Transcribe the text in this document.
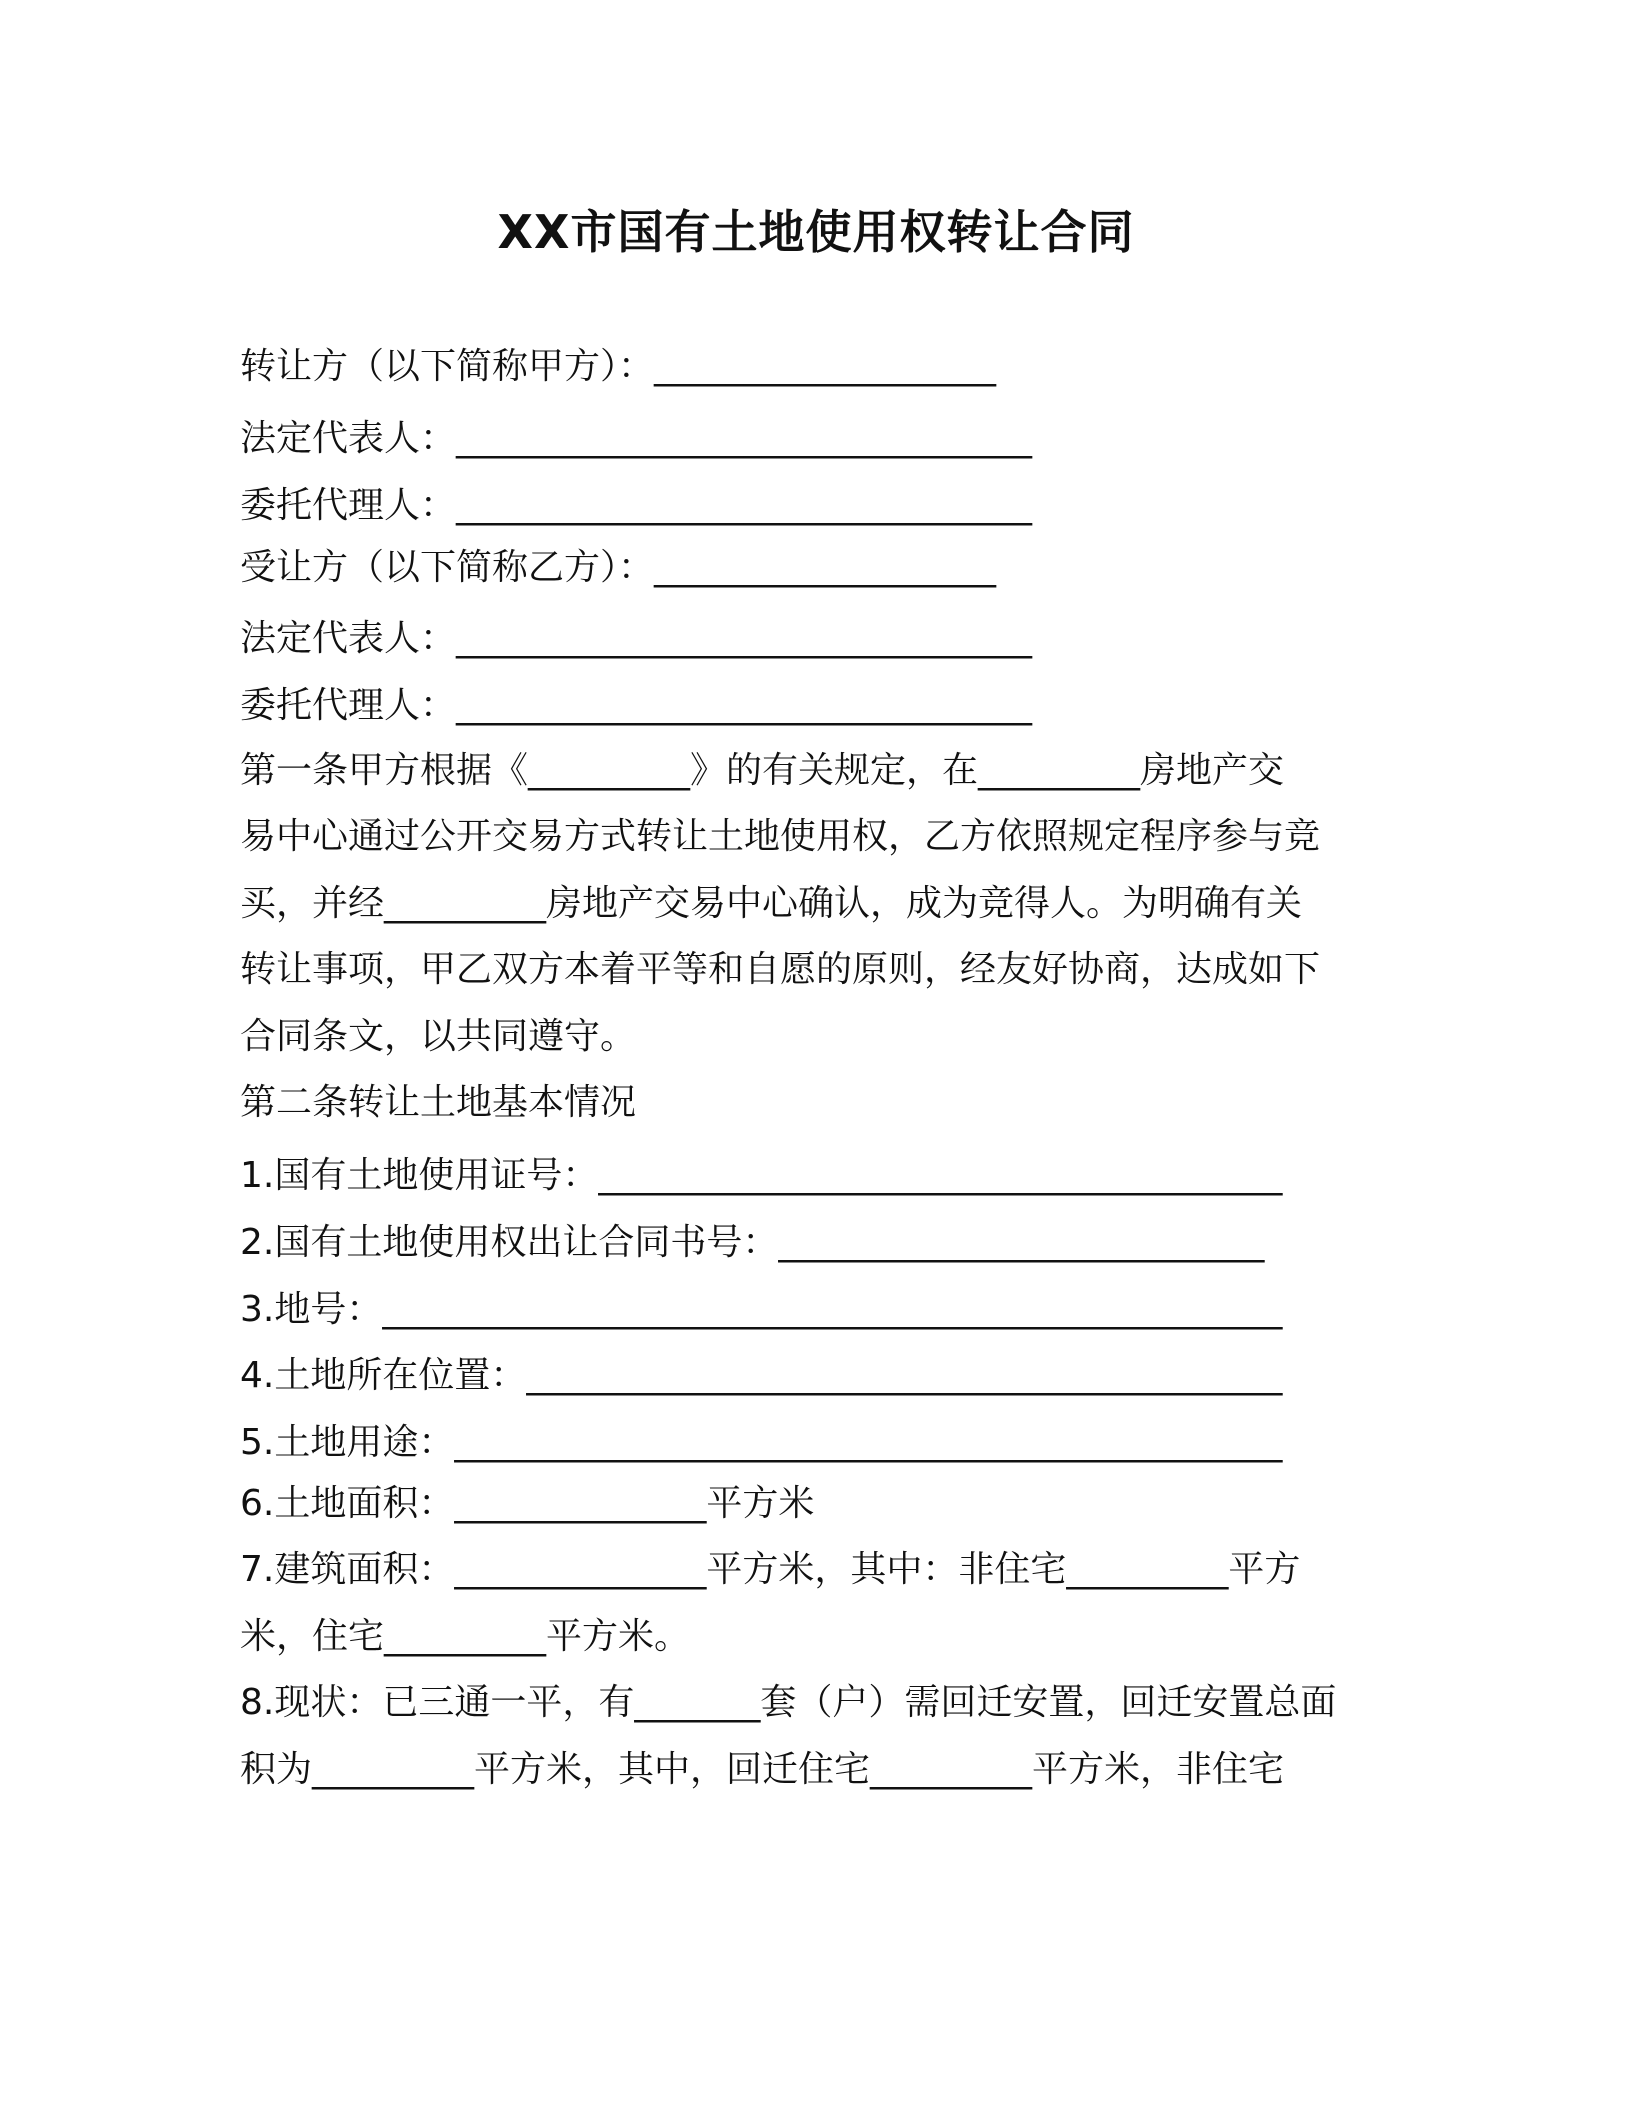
XX市国有土地使用权转让合同
转让方（以下简称甲方）：___________________
法定代表人：________________________________
委托代理人：________________________________
受让方（以下简称乙方）：___________________
法定代表人：________________________________
委托代理人：________________________________
第一条甲方根据《_________》的有关规定，在_________房地产交
易中心通过公开交易方式转让土地使用权，乙方依照规定程序参与竞
买，并经_________房地产交易中心确认，成为竞得人。为明确有关
转让事项，甲乙双方本着平等和自愿的原则，经友好协商，达成如下
合同条文，以共同遵守。
第二条转让土地基本情况
1.国有土地使用证号：______________________________________
2.国有土地使用权出让合同书号：___________________________
3.地号：__________________________________________________
4.土地所在位置：__________________________________________
5.土地用途：______________________________________________
6.土地面积：______________平方米
7.建筑面积：______________平方米，其中：非住宅_________平方
米，住宅_________平方米。
8.现状：已三通一平，有_______套（户）需回迁安置，回迁安置总面
积为_________平方米，其中，回迁住宅_________平方米，非住宅
